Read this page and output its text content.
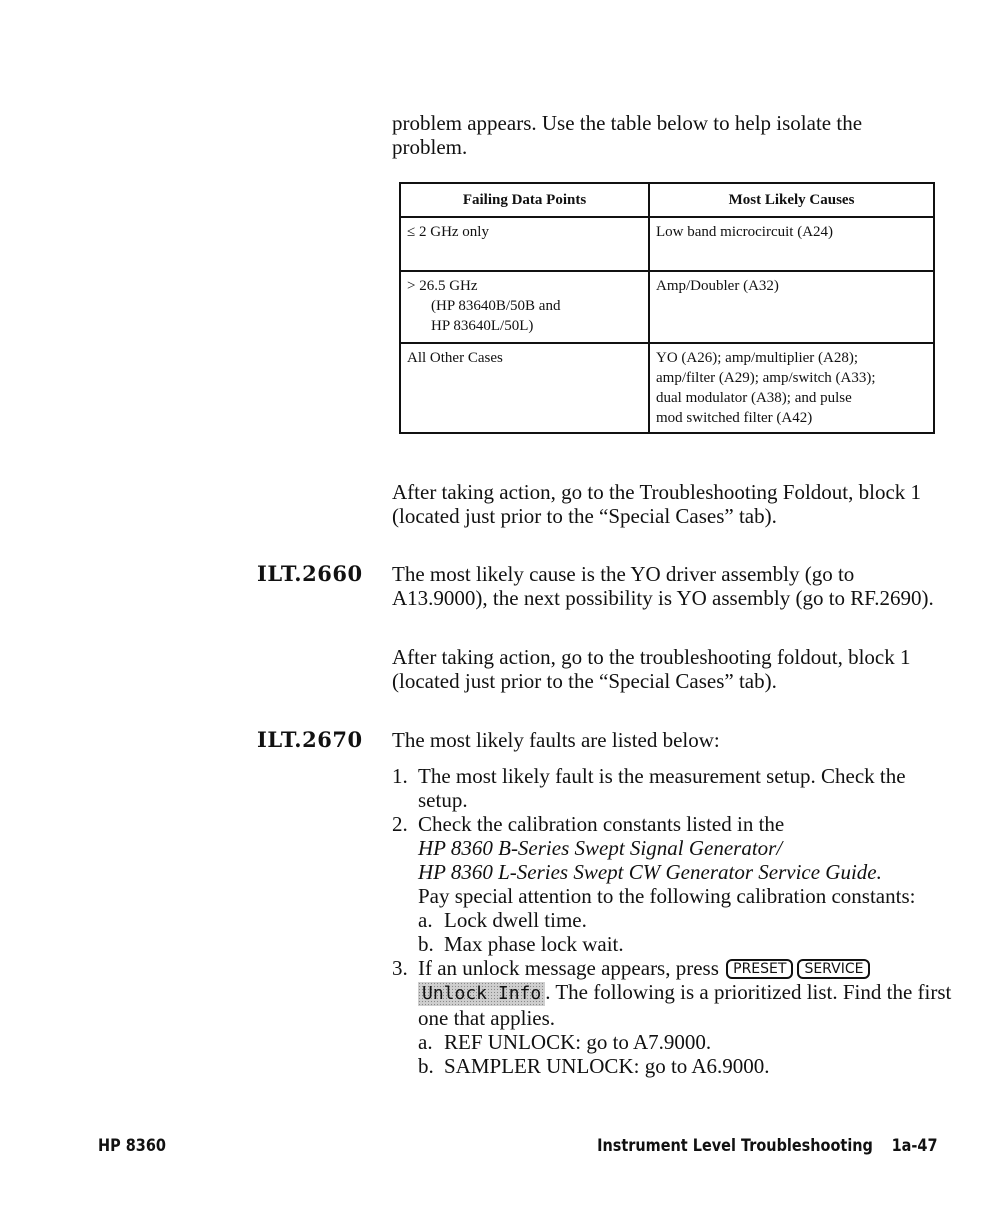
problem appears. Use the table below to help isolate the problem.

Failing Data Points	Most Likely Causes

≤ 2 GHz only	Low band microcircuit (A24)

> 26.5 GHz
(HP 83640B/50B and
HP 83640L/50L)	Amp/Doubler (A32)

All Other Cases	YO (A26); amp/multiplier (A28);
amp/filter (A29); amp/switch (A33);
dual modulator (A38); and pulse
mod switched filter (A42)

After taking action, go to the Troubleshooting Foldout, block 1 (located just prior to the “Special Cases” tab).

ILT.2660 The most likely cause is the YO driver assembly (go to A13.9000), the next possibility is YO assembly (go to RF.2690).

After taking action, go to the troubleshooting foldout, block 1 (located just prior to the “Special Cases” tab).

ILT.2670 The most likely faults are listed below:

1. The most likely fault is the measurement setup. Check the setup.
2. Check the calibration constants listed in the
HP 8360 B-Series Swept Signal Generator/
HP 8360 L-Series Swept CW Generator Service Guide.
Pay special attention to the following calibration constants:
a. Lock dwell time.
b. Max phase lock wait.
3. If an unlock message appears, press PRESET SERVICE Unlock Info . The following is a prioritized list. Find the first one that applies.
a. REF UNLOCK: go to A7.9000.
b. SAMPLER UNLOCK: go to A6.9000.
HP 8360	Instrument Level Troubleshooting 1a-47
